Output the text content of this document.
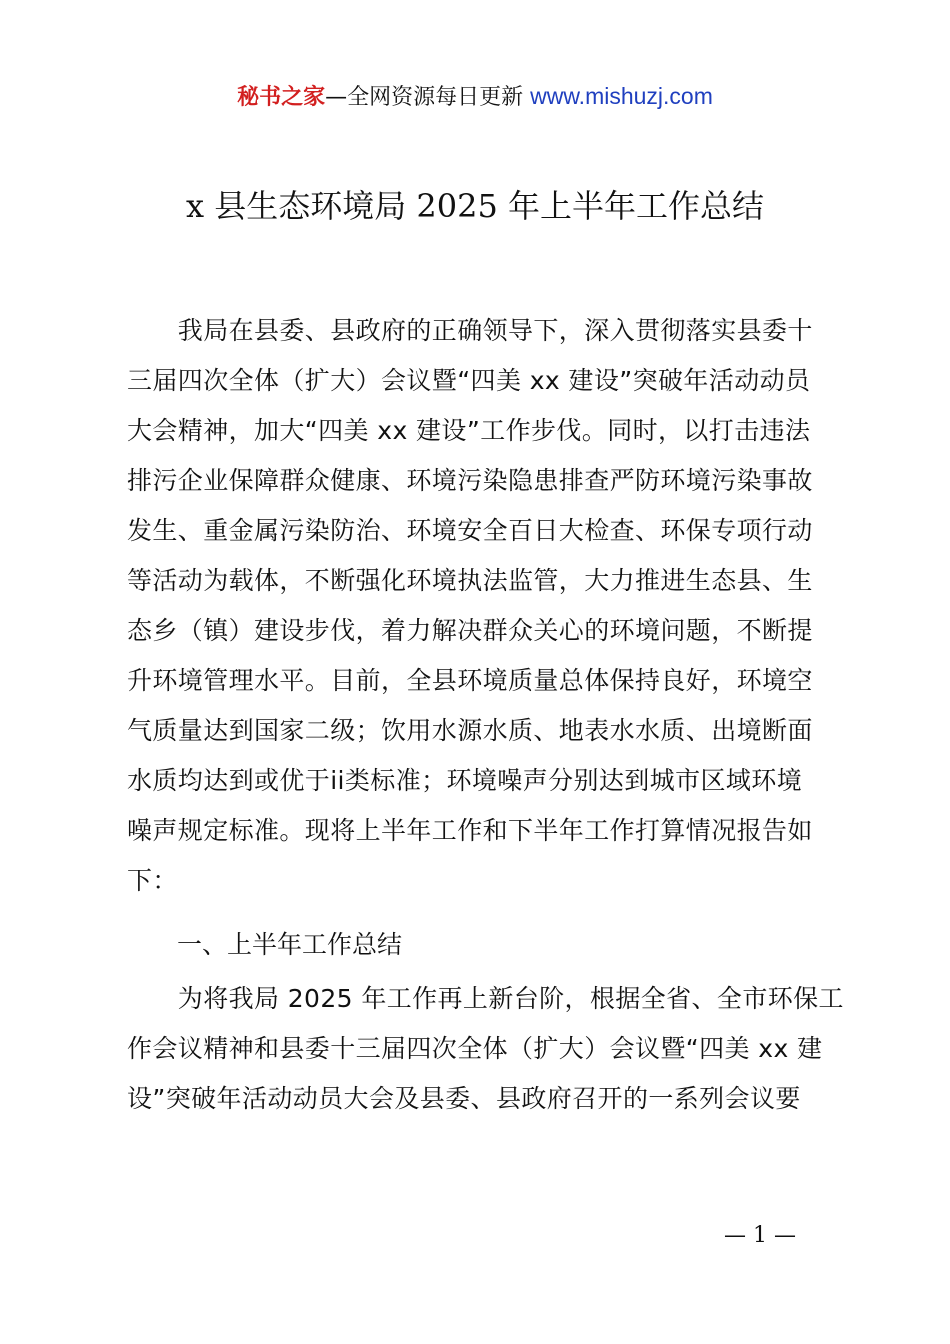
秘书之家—全网资源每日更新 www.mishuzj.com
x 县生态环境局 2025 年上半年工作总结
　　我局在县委、县政府的正确领导下，深入贯彻落实县委十
三届四次全体（扩大）会议暨“四美 xx 建设”突破年活动动员
大会精神，加大“四美 xx 建设”工作步伐。同时，以打击违法
排污企业保障群众健康、环境污染隐患排查严防环境污染事故
发生、重金属污染防治、环境安全百日大检查、环保专项行动
等活动为载体，不断强化环境执法监管，大力推进生态县、生
态乡（镇）建设步伐，着力解决群众关心的环境问题，不断提
升环境管理水平。目前，全县环境质量总体保持良好，环境空
气质量达到国家二级；饮用水源水质、地表水水质、出境断面
水质均达到或优于ii类标准；环境噪声分别达到城市区域环境
噪声规定标准。现将上半年工作和下半年工作打算情况报告如
下：
一、上半年工作总结
　　为将我局 2025 年工作再上新台阶，根据全省、全市环保工
作会议精神和县委十三届四次全体（扩大）会议暨“四美 xx 建
设”突破年活动动员大会及县委、县政府召开的一系列会议要
— 1 —
